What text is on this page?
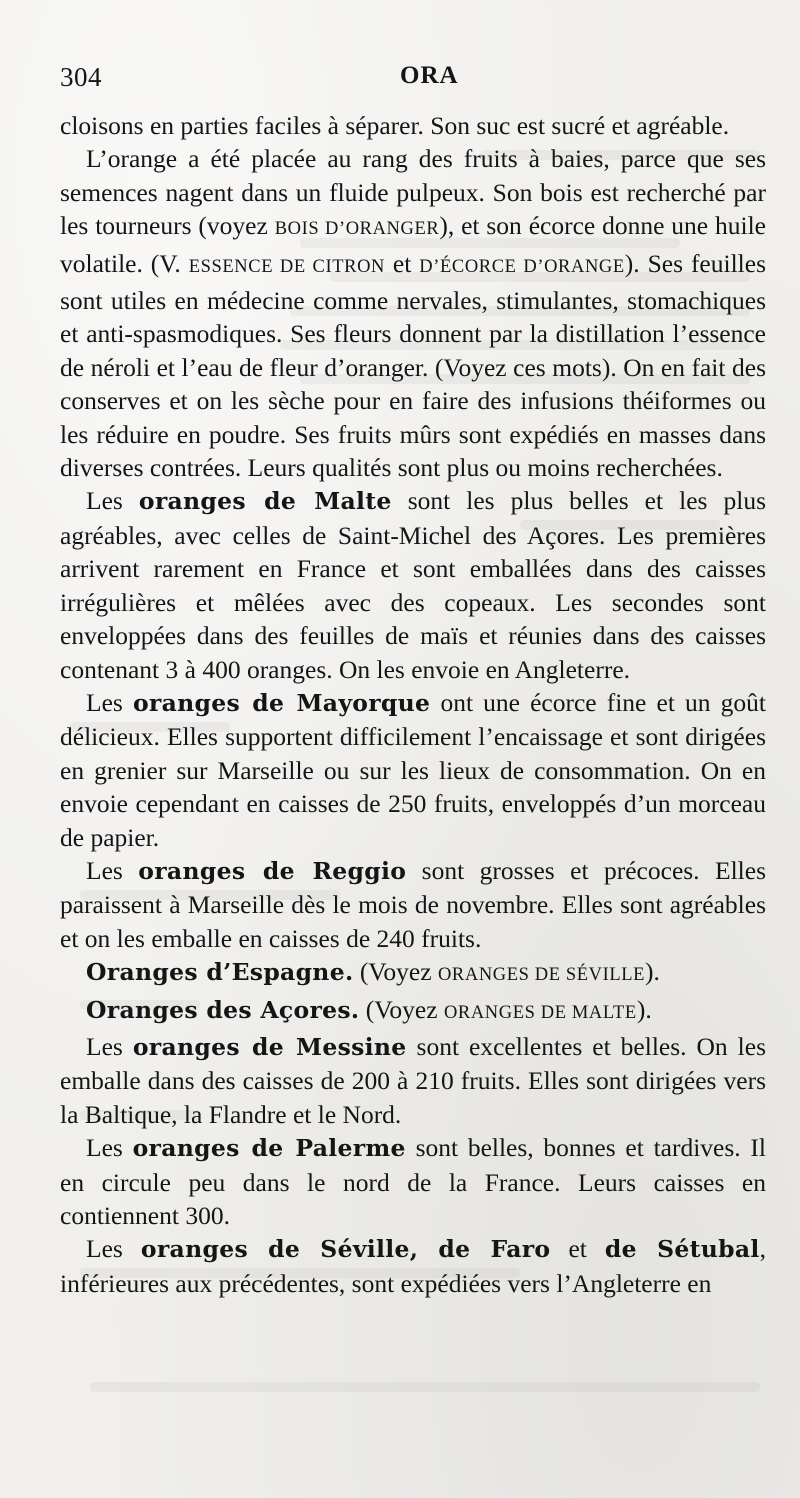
304	ORA

cloisons en parties faciles à séparer. Son suc est sucré et agréable.

L’orange a été placée au rang des fruits à baies, parce que ses semences nagent dans un fluide pulpeux. Son bois est recherché par les tourneurs (voyez BOIS D’ORANGER), et son écorce donne une huile volatile. (V. ESSENCE DE CITRON et D’ÉCORCE D’ORANGE). Ses feuilles sont utiles en médecine comme nervales, stimulantes, stomachiques et anti-spasmodiques. Ses fleurs donnent par la distillation l’essence de néroli et l’eau de fleur d’oranger. (Voyez ces mots). On en fait des conserves et on les sèche pour en faire des infusions théiformes ou les réduire en poudre. Ses fruits mûrs sont expédiés en masses dans diverses contrées. Leurs qualités sont plus ou moins recherchées.

Les oranges de Malte sont les plus belles et les plus agréables, avec celles de Saint-Michel des Açores. Les premières arrivent rarement en France et sont emballées dans des caisses irrégulières et mêlées avec des copeaux. Les secondes sont enveloppées dans des feuilles de maïs et réunies dans des caisses contenant 3 à 400 oranges. On les envoie en Angleterre.

Les oranges de Mayorque ont une écorce fine et un goût délicieux. Elles supportent difficilement l’encaissage et sont dirigées en grenier sur Marseille ou sur les lieux de consommation. On en envoie cependant en caisses de 250 fruits, enveloppés d’un morceau de papier.

Les oranges de Reggio sont grosses et précoces. Elles paraissent à Marseille dès le mois de novembre. Elles sont agréables et on les emballe en caisses de 240 fruits.

Oranges d’Espagne. (Voyez ORANGES DE SÉVILLE).

Oranges des Açores. (Voyez ORANGES DE MALTE).

Les oranges de Messine sont excellentes et belles. On les emballe dans des caisses de 200 à 210 fruits. Elles sont dirigées vers la Baltique, la Flandre et le Nord.

Les oranges de Palerme sont belles, bonnes et tardives. Il en circule peu dans le nord de la France. Leurs caisses en contiennent 300.

Les oranges de Séville, de Faro et de Sétubal, inférieures aux précédentes, sont expédiées vers l’Angleterre en
